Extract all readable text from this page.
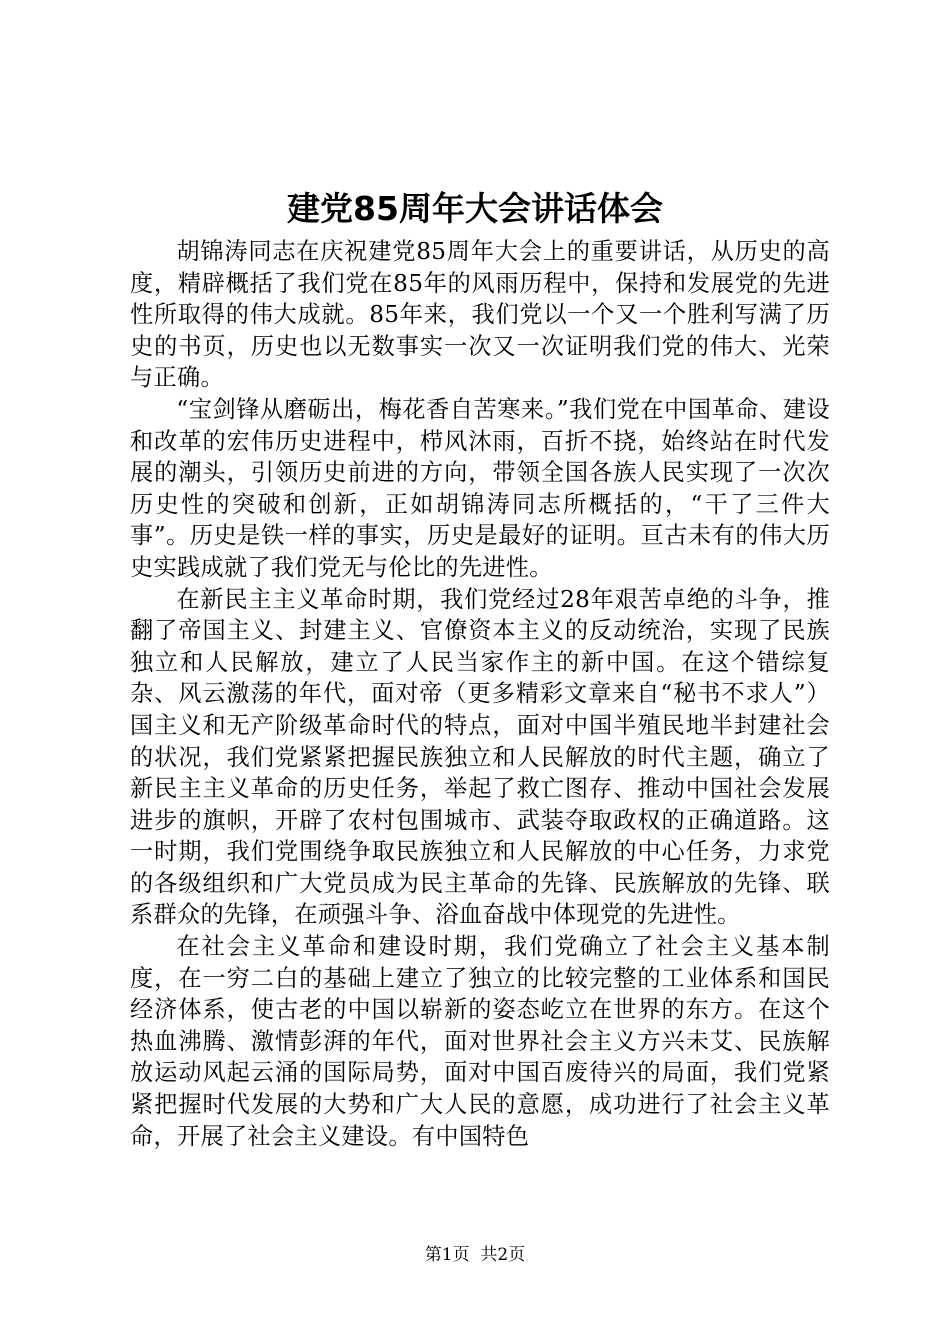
建党85周年大会讲话体会

胡锦涛同志在庆祝建党85周年大会上的重要讲话，从历史的高度，精辟概括了我们党在85年的风雨历程中，保持和发展党的先进性所取得的伟大成就。85年来，我们党以一个又一个胜利写满了历史的书页，历史也以无数事实一次又一次证明我们党的伟大、光荣与正确。

“宝剑锋从磨砺出，梅花香自苦寒来。”我们党在中国革命、建设和改革的宏伟历史进程中，栉风沐雨，百折不挠，始终站在时代发展的潮头，引领历史前进的方向，带领全国各族人民实现了一次次历史性的突破和创新，正如胡锦涛同志所概括的，“干了三件大事”。历史是铁一样的事实，历史是最好的证明。亘古未有的伟大历史实践成就了我们党无与伦比的先进性。

在新民主主义革命时期，我们党经过28年艰苦卓绝的斗争，推翻了帝国主义、封建主义、官僚资本主义的反动统治，实现了民族独立和人民解放，建立了人民当家作主的新中国。在这个错综复杂、风云激荡的年代，面对帝（更多精彩文章来自“秘书不求人”）国主义和无产阶级革命时代的特点，面对中国半殖民地半封建社会的状况，我们党紧紧把握民族独立和人民解放的时代主题，确立了新民主主义革命的历史任务，举起了救亡图存、推动中国社会发展进步的旗帜，开辟了农村包围城市、武装夺取政权的正确道路。这一时期，我们党围绕争取民族独立和人民解放的中心任务，力求党的各级组织和广大党员成为民主革命的先锋、民族解放的先锋、联系群众的先锋，在顽强斗争、浴血奋战中体现党的先进性。

在社会主义革命和建设时期，我们党确立了社会主义基本制度，在一穷二白的基础上建立了独立的比较完整的工业体系和国民经济体系，使古老的中国以崭新的姿态屹立在世界的东方。在这个热血沸腾、激情彭湃的年代，面对世界社会主义方兴未艾、民族解放运动风起云涌的国际局势，面对中国百废待兴的局面，我们党紧紧把握时代发展的大势和广大人民的意愿，成功进行了社会主义革命，开展了社会主义建设。有中国特色

第1页 共2页
